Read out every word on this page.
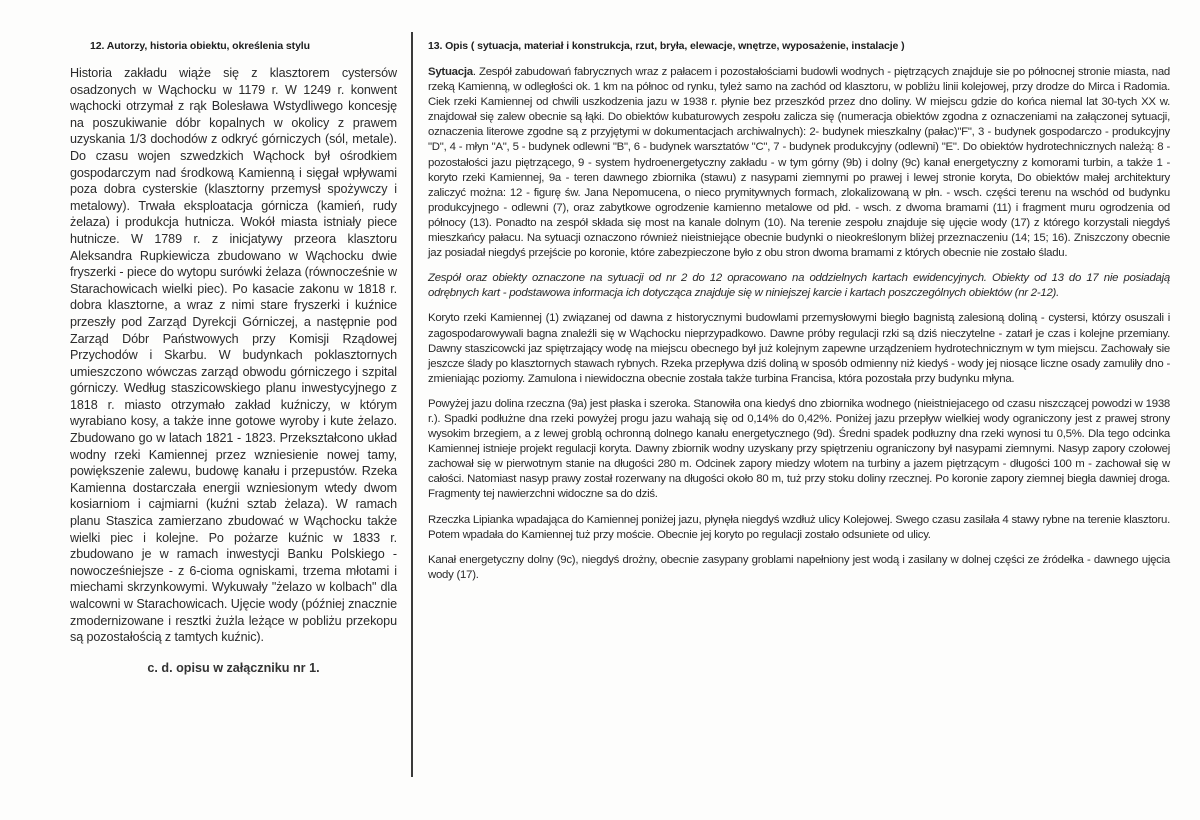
12. Autorzy, historia obiektu, określenia stylu

Historia zakładu wiąże się z klasztorem cystersów osadzonych w Wąchocku w 1179 r. W 1249 r. konwent wąchocki otrzymał z rąk Bolesława Wstydliwego koncesję na poszukiwanie dóbr kopalnych w okolicy z prawem uzyskania 1/3 dochodów z odkryć górniczych (sól, metale). Do czasu wojen szwedzkich Wąchock był ośrodkiem gospodarczym nad środkową Kamienną i sięgał wpływami poza dobra cysterskie (klasztorny przemysł spożywczy i metalowy). Trwała eksploatacja górnicza (kamień, rudy żelaza) i produkcja hutnicza. Wokół miasta istniały piece hutnicze. W 1789 r. z inicjatywy przeora klasztoru Aleksandra Rupkiewicza zbudowano w Wąchocku dwie fryszerki - piece do wytopu surówki żelaza (równocześnie w Starachowicach wielki piec). Po kasacie zakonu w 1818 r. dobra klasztorne, a wraz z nimi stare fryszerki i kuźnice przeszły pod Zarząd Dyrekcji Górniczej, a następnie pod Zarząd Dóbr Państwowych przy Komisji Rządowej Przychodów i Skarbu. W budynkach poklasztornych umieszczono wówczas zarząd obwodu górniczego i szpital górniczy. Według staszicowskiego planu inwestycyjnego z 1818 r. miasto otrzymało zakład kuźniczy, w którym wyrabiano kosy, a także inne gotowe wyroby i kute żelazo. Zbudowano go w latach 1821 - 1823. Przekształcono układ wodny rzeki Kamiennej przez wzniesienie nowej tamy, powiększenie zalewu, budowę kanału i przepustów. Rzeka Kamienna dostarczała energii wzniesionym wtedy dwom kosiarniom i cajmiarni (kuźni sztab żelaza). W ramach planu Staszica zamierzano zbudować w Wąchocku także wielki piec i kolejne. Po pożarze kuźnic w 1833 r. zbudowano je w ramach inwestycji Banku Polskiego - nowocześniejsze - z 6-cioma ogniskami, trzema młotami i miechami skrzynkowymi. Wykuwały "żelazo w kolbach" dla walcowni w Starachowicach. Ujęcie wody (później znacznie zmodernizowane i resztki żużla leżące w pobliżu przekopu są pozostałością z tamtych kuźnic).

c. d. opisu w załączniku nr 1.
13. Opis ( sytuacja, materiał i konstrukcja, rzut, bryła, elewacje, wnętrze, wyposażenie, instalacje )

Sytuacja. Zespół zabudowań fabrycznych wraz z pałacem i pozostałościami budowli wodnych - piętrzących znajduje sie po północnej stronie miasta, nad rzeką Kamienną, w odległości ok. 1 km na północ od rynku, tyleż samo na zachód od klasztoru, w pobliżu linii kolejowej, przy drodze do Mirca i Radomia. Ciek rzeki Kamiennej od chwili uszkodzenia jazu w 1938 r. płynie bez przeszkód przez dno doliny. W miejscu gdzie do końca niemal lat 30-tych XX w. znajdował się zalew obecnie są łąki. Do obiektów kubaturowych zespołu zalicza się (numeracja obiektów zgodna z oznaczeniami na załączonej sytuacji, oznaczenia literowe zgodne są z przyjętymi w dokumentacjach archiwalnych): 2- budynek mieszkalny (pałac)"F", 3 - budynek gospodarczo - produkcyjny "D", 4 - młyn "A", 5 - budynek odlewni "B", 6 - budynek warsztatów "C", 7 - budynek produkcyjny (odlewni) "E". Do obiektów hydrotechnicznych należą: 8 - pozostałości jazu piętrzącego, 9 - system hydroenergetyczny zakładu - w tym górny (9b) i dolny (9c) kanał energetyczny z komorami turbin, a także 1 - koryto rzeki Kamiennej, 9a - teren dawnego zbiornika (stawu) z nasypami ziemnymi po prawej i lewej stronie koryta, Do obiektów małej architektury zaliczyć można: 12 - figurę św. Jana Nepomucena, o nieco prymitywnych formach, zlokalizowaną w płn. - wsch. części terenu na wschód od budynku produkcyjnego - odlewni (7), oraz zabytkowe ogrodzenie kamienno metalowe od płd. - wsch. z dwoma bramami (11) i fragment muru ogrodzenia od północy (13). Ponadto na zespół składa się most na kanale dolnym (10). Na terenie zespołu znajduje się ujęcie wody (17) z którego korzystali niegdyś mieszkańcy pałacu. Na sytuacji oznaczono również nieistniejące obecnie budynki o nieokreślonym bliżej przeznaczeniu (14; 15; 16). Zniszczony obecnie jaz posiadał niegdyś przejście po koronie, które zabezpieczone było z obu stron dwoma bramami z których obecnie nie zostało śladu.

Zespół oraz obiekty oznaczone na sytuacji od nr 2 do 12 opracowano na oddzielnych kartach ewidencyjnych. Obiekty od 13 do 17 nie posiadają odrębnych kart - podstawowa informacja ich dotycząca znajduje się w niniejszej karcie i kartach poszczególnych obiektów (nr 2-12).

Koryto rzeki Kamiennej (1) związanej od dawna z historycznymi budowlami przemysłowymi biegło bagnistą zalesioną doliną - cystersi, którzy osuszali i zagospodarowywali bagna znaleźli się w Wąchocku nieprzypadkowo. Dawne próby regulacji rzki są dziś nieczytelne - zatarł je czas i kolejne przemiany. Dawny staszicowcki jaz spiętrzający wodę na miejscu obecnego był już kolejnym zapewne urządzeniem hydrotechnicznym w tym miejscu. Zachowały sie jeszcze ślady po klasztornych stawach rybnych. Rzeka przepływa dziś doliną w sposób odmienny niż kiedyś - wody jej niosące liczne osady zamuliły dno - zmieniając poziomy. Zamulona i niewidoczna obecnie została także turbina Francisa, która pozostała przy budynku młyna.

Powyżej jazu dolina rzeczna (9a) jest płaska i szeroka. Stanowiła ona kiedyś dno zbiornika wodnego (nieistniejacego od czasu niszczącej powodzi w 1938 r.). Spadki podłużne dna rzeki powyżej progu jazu wahają się od 0,14% do 0,42%. Poniżej jazu przepływ wielkiej wody ograniczony jest z prawej strony wysokim brzegiem, a z lewej groblą ochronną dolnego kanału energetycznego (9d). Średni spadek podłuzny dna rzeki wynosi tu 0,5%. Dla tego odcinka Kamiennej istnieje projekt regulacji koryta. Dawny zbiornik wodny uzyskany przy spiętrzeniu ograniczony był nasypami ziemnymi. Nasyp zapory czołowej zachował się w pierwotnym stanie na długości 280 m. Odcinek zapory miedzy wlotem na turbiny a jazem piętrzącym - długości 100 m - zachował się w całości. Natomiast nasyp prawy został rozerwany na długości około 80 m, tuż przy stoku doliny rzecznej. Po koronie zapory ziemnej biegła dawniej droga. Fragmenty tej nawierzchni widoczne sa do dziś.

Rzeczka Lipianka wpadająca do Kamiennej poniżej jazu, płynęła niegdyś wzdłuż ulicy Kolejowej. Swego czasu zasilała 4 stawy rybne na terenie klasztoru. Potem wpadała do Kamiennej tuż przy moście. Obecnie jej koryto po regulacji zostało odsuniete od ulicy.

Kanał energetyczny dolny (9c), niegdyś drożny, obecnie zasypany groblami napełniony jest wodą i zasilany w dolnej części ze źródełka - dawnego ujęcia wody (17).
